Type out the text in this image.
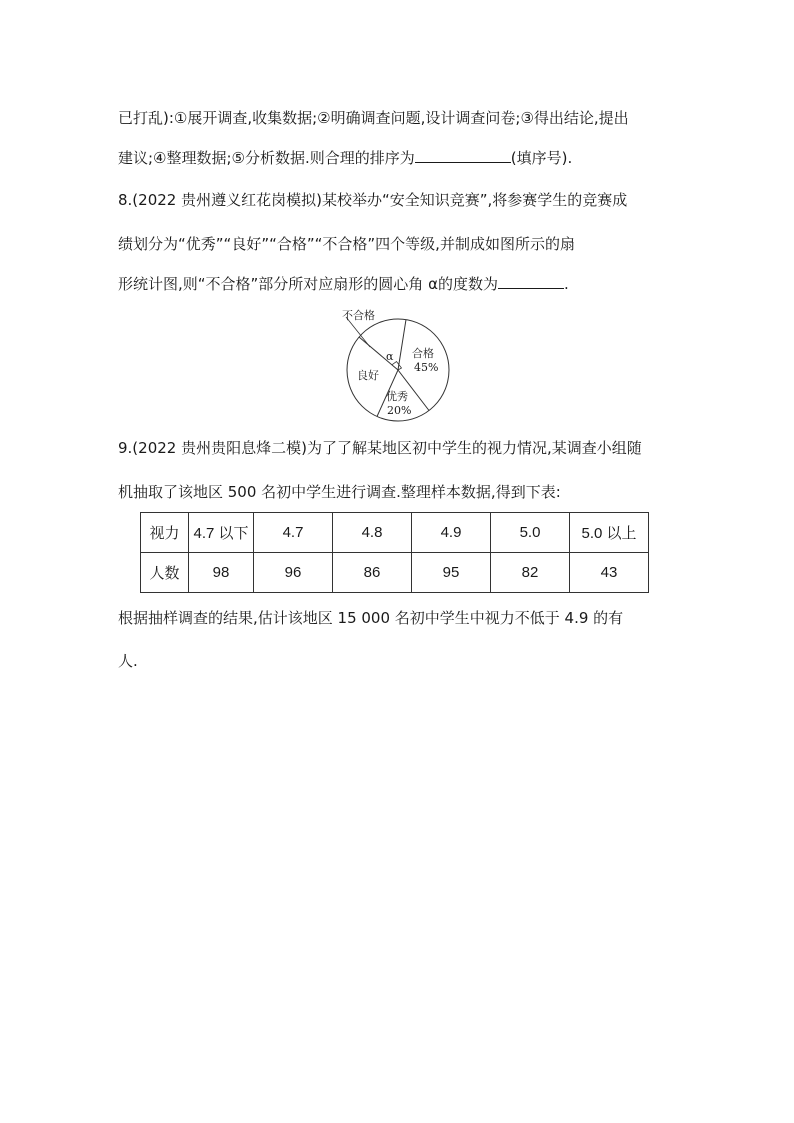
已打乱):①展开调查,收集数据;②明确调查问题,设计调查问卷;③得出结论,提出
建议;④整理数据;⑤分析数据.则合理的排序为	(填序号).
8.(2022 贵州遵义红花岗模拟)某校举办“安全知识竞赛”,将参赛学生的竞赛成
绩划分为“优秀”“良好”“合格”“不合格”四个等级,并制成如图所示的扇
形统计图,则“不合格”部分所对应扇形的圆心角 α的度数为	.
不合格
α 合格
45%
良好
优秀
20%
9.(2022 贵州贵阳息烽二模)为了了解某地区初中学生的视力情况,某调查小组随
机抽取了该地区 500 名初中学生进行调查.整理样本数据,得到下表:
视力	4.7 以下	4.7	4.8	4.9	5.0	5.0 以上
人数	98	96	86	95	82	43
根据抽样调查的结果,估计该地区 15 000 名初中学生中视力不低于 4.9 的有
人.
